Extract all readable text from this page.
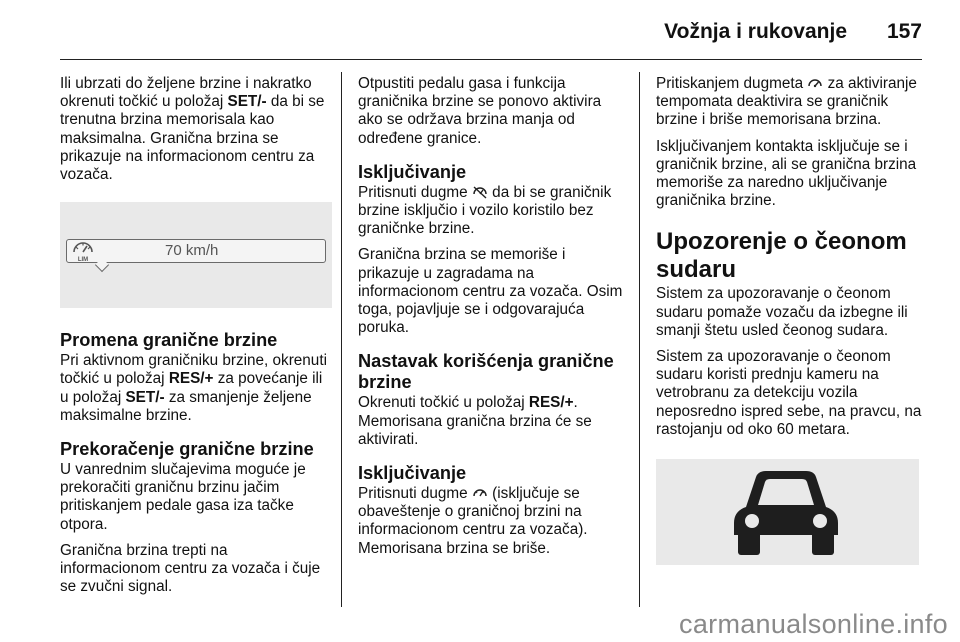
Vožnja i rukovanje 157

Ili ubrzati do željene brzine i nakratko okrenuti točkić u položaj SET/- da bi se trenutna brzina memorisala kao maksimalna. Granična brzina se prikazuje na informacionom centru za vozača.

LIM
70 km/h
Promena granične brzine

Pri aktivnom graničniku brzine, okrenuti točkić u položaj RES/+ za povećanje ili u položaj SET/- za smanjenje željene maksimalne brzine.

Prekoračenje granične brzine

U vanrednim slučajevima moguće je prekoračiti graničnu brzinu jačim pritiskanjem pedale gasa iza tačke otpora.

Granična brzina trepti na informacionom centru za vozača i čuje se zvučni signal.

Otpustiti pedalu gasa i funkcija graničnika brzine se ponovo aktivira ako se održava brzina manja od određene granice.

Isključivanje

Pritisnuti dugme  da bi se graničnik brzine isključio i vozilo koristilo bez graničnke brzine.

Granična brzina se memoriše i prikazuje u zagradama na informacionom centru za vozača. Osim toga, pojavljuje se i odgovarajuća poruka.

Nastavak korišćenja granične brzine

Okrenuti točkić u položaj RES/+. Memorisana granična brzina će se aktivirati.

Isključivanje

Pritisnuti dugme  (isključuje se obaveštenje o graničnoj brzini na informacionom centru za vozača). Memorisana brzina se briše.

Pritiskanjem dugmeta  za aktiviranje tempomata deaktivira se graničnik brzine i briše memorisana brzina.

Isključivanjem kontakta isključuje se i graničnik brzine, ali se granična brzina memoriše za naredno uključivanje graničnika brzine.

Upozorenje o čeonom sudaru

Sistem za upozoravanje o čeonom sudaru pomaže vozaču da izbegne ili smanji štetu usled čeonog sudara.

Sistem za upozoravanje o čeonom sudaru koristi prednju kameru na vetrobranu za detekciju vozila neposredno ispred sebe, na pravcu, na rastojanju od oko 60 metara.

carmanualsonline.info
